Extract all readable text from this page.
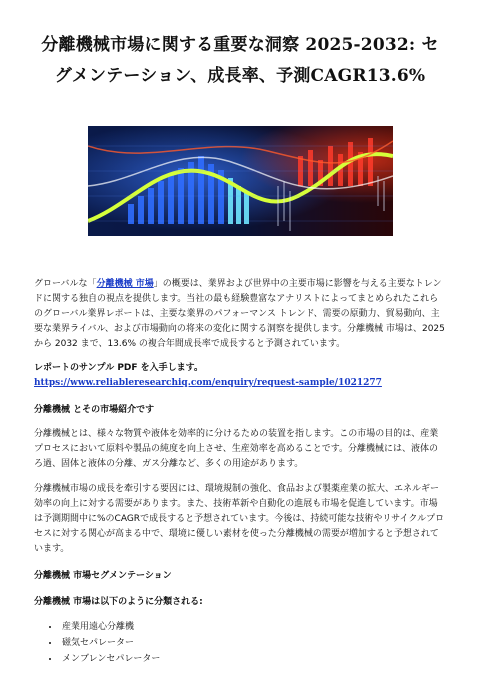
分離機械市場に関する重要な洞察 2025-2032: セグメンテーション、成長率、予測CAGR13.6%

グローバルな「分離機械 市場」の概要は、業界および世界中の主要市場に影響を与える主要なトレンドに関する独自の視点を提供します。当社の最も経験豊富なアナリストによってまとめられたこれらのグローバル業界レポートは、主要な業界のパフォーマンス トレンド、需要の原動力、貿易動向、主要な業界ライバル、および市場動向の将来の変化に関する洞察を提供します。分離機械 市場は、2025 から 2032 まで、13.6% の複合年間成長率で成長すると予測されています。

レポートのサンプル PDF を入手します。 https://www.reliableresearchiq.com/enquiry/request-sample/1021277

分離機械 とその市場紹介です

分離機械とは、様々な物質や液体を効率的に分けるための装置を指します。この市場の目的は、産業プロセスにおいて原料や製品の純度を向上させ、生産効率を高めることです。分離機械には、液体のろ過、固体と液体の分離、ガス分離など、多くの用途があります。

分離機械市場の成長を牽引する要因には、環境規制の強化、食品および製薬産業の拡大、エネルギー効率の向上に対する需要があります。また、技術革新や自動化の進展も市場を促進しています。市場は予測期間中に%のCAGRで成長すると予想されています。今後は、持続可能な技術やリサイクルプロセスに対する関心が高まる中で、環境に優しい素材を使った分離機械の需要が増加すると予想されています。

分離機械 市場セグメンテーション

分離機械 市場は以下のように分類される:

• 産業用遠心分離機
• 磁気セパレーター
• メンブレンセパレーター
